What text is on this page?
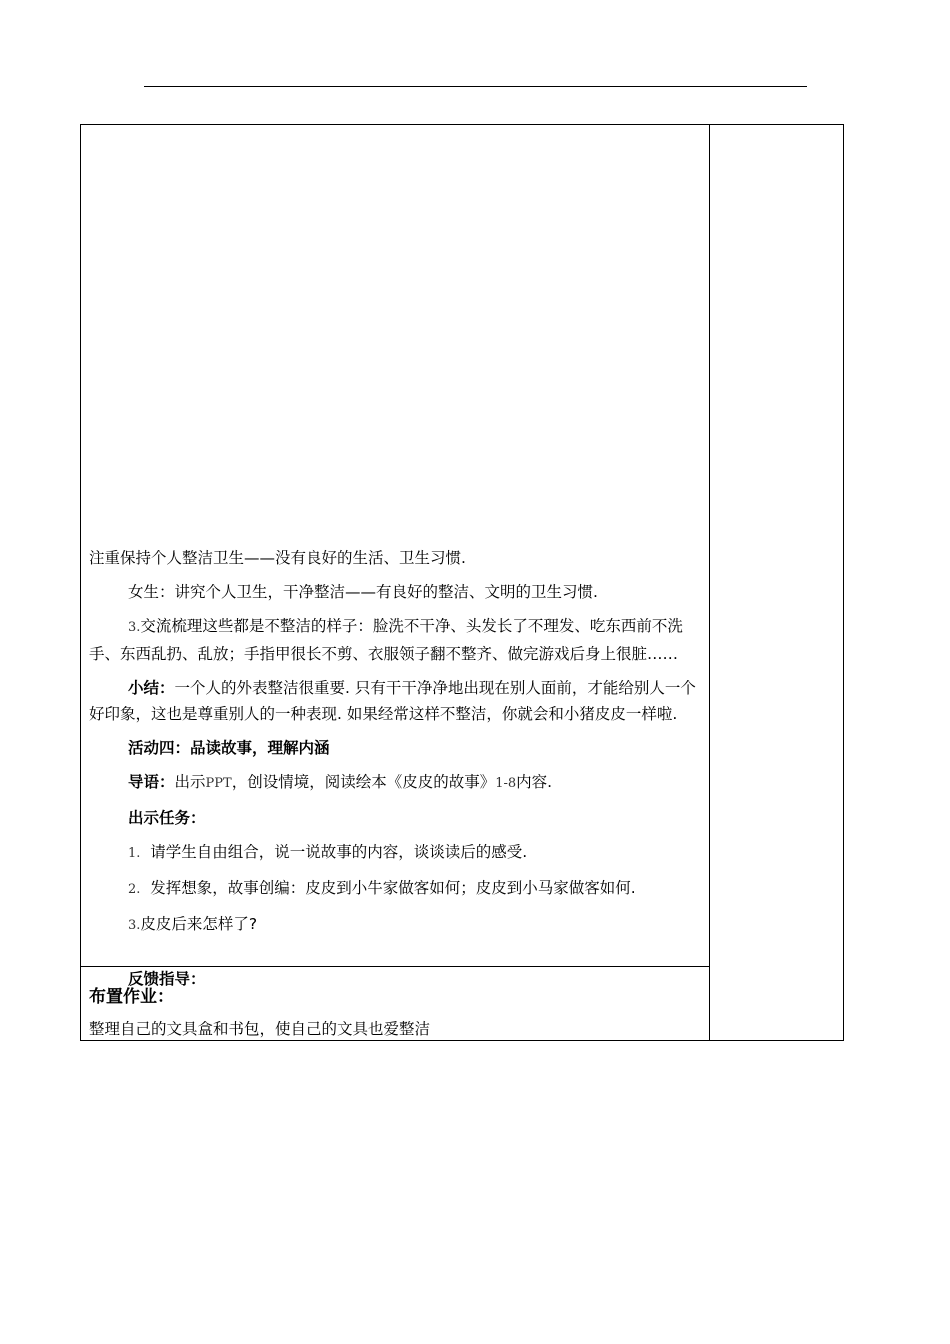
注重保持个人整洁卫生——没有良好的生活、卫生习惯.

女生：讲究个人卫生，干净整洁——有良好的整洁、文明的卫生习惯.

3.交流梳理这些都是不整洁的样子：脸洗不干净、头发长了不理发、吃东西前不洗手、东西乱扔、乱放；手指甲很长不剪、衣服领子翻不整齐、做完游戏后身上很脏……

小结：一个人的外表整洁很重要. 只有干干净净地出现在别人面前，才能给别人一个好印象，这也是尊重别人的一种表现. 如果经常这样不整洁，你就会和小猪皮皮一样啦.

活动四：品读故事，理解内涵

导语：出示PPT，创设情境，阅读绘本《皮皮的故事》1-8内容.

出示任务：

1. 请学生自由组合，说一说故事的内容，谈谈读后的感受.

2. 发挥想象，故事创编：皮皮到小牛家做客如何；皮皮到小马家做客如何.

3.皮皮后来怎样了?

反馈指导：
布置作业：
整理自己的文具盒和书包，使自己的文具也爱整洁
